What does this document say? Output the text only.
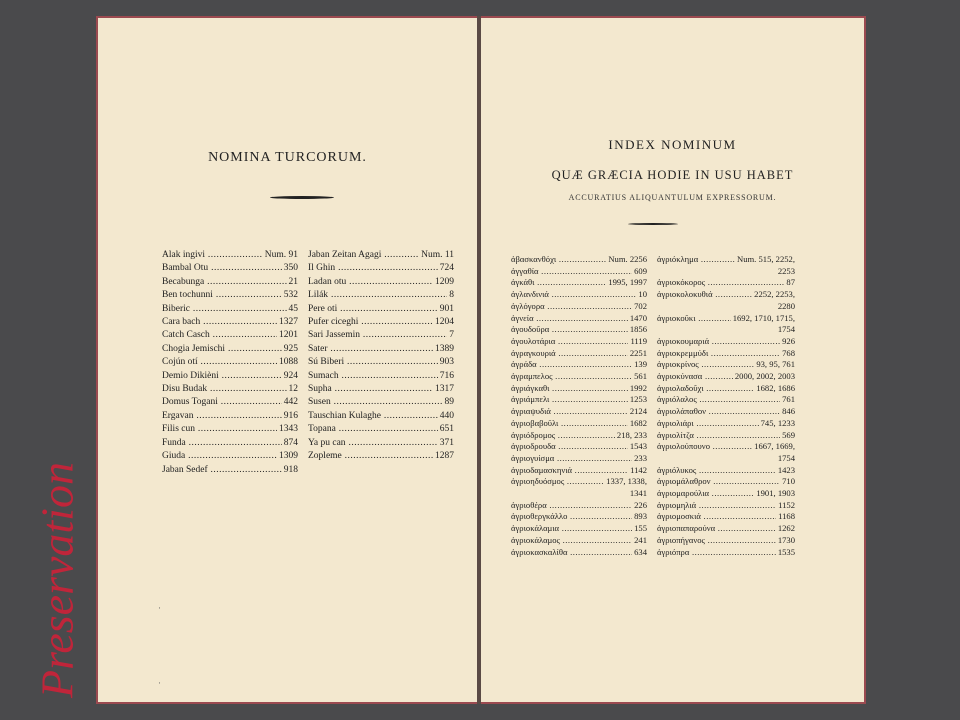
NOMINA TURCORUM.
Alak ingivi .....	Num. 91
Bambal Otu .....	350
Becabunga .....	21
Ben tochunni .....	532
Biberic .....	45
Cara bach .....	1327
Catch Casch .....	1201
Chogia Jemischi .....	925
Cojún otí .....	1088
Demio Dikièni .....	924
Disu Budak .....	12
Domus Togani .....	442
Ergavan .....	916
Filis cun .....	1343
Funda .....	874
Giuda .....	1309
Jaban Sedef .....	918
Jaban Zeitan Agagi .....	Num. 11
Il Ghin .....	724
Ladan otu .....	1209
Lilák .....	8
Pere oti .....	901
Pufer ciceghi .....	1204
Sari Jassemin .....	7
Sater .....	1389
Sú Biberi .....	903
Sumach .....	716
Supha .....	1317
Susen .....	89
Tauschian Kulaghe .....	440
Topana .....	651
Ya pu can .....	371
Zopleme .....	1287
·
·
INDEX NOMINUM
QUÆ GRÆCIA HODIE IN USU HABET
ACCURATIUS ALIQUANTULUM EXPRESSORUM.
ἀβασκανθόχι .....	Num. 2256
ἀγγαθία .....	609
ἀγκάθι .....	1995, 1997
ἀγλανδινιά .....	10
ἀγλόγορα .....	702
ἀγνεία .....	1470
ἀγουδοῦρα .....	1856
ἀγουλοτάρια .....	1119
ἀγραγκουριά .....	2251
ἀγράδα .....	139
ἀγραμπελος .....	561
ἀγριάγκαθι .....	1992
ἀγριάμπελι .....	1253
ἀγριαψυδιά .....	2124
ἀγριοβαβοῦλι .....	1682
ἀγριόδρομος .....	218, 233
ἀγριοδρουδα .....	1543
ἀγριογυίσμα .....	233
ἀγριοδαμασκηνιά .....	1142
ἀγριοηδυόσμος .....	1337, 1338,
1341
ἀγριοθέρα .....	226
ἀγριοθεργκάλλο .....	893
ἀγριοκάλαμια .....	155
ἀγριοκάλαμος .....	241
ἀγριοκασκαλίθα .....	634
ἀγριόκλημα .....	Num. 515, 2252,
2253
ἀγριοκόκορος .....	87
ἀγριοκολοκυθιά .....	2252, 2253,
2280
ἀγριοκοῦκι .....	1692, 1710, 1715,
1754
ἀγριοκουμαριά .....	926
ἀγριοκρεμμύδι .....	768
ἀγριοκρίνος .....	93, 95, 761
ἀγριοκύνασα .....	2000, 2002, 2003
ἀγριολαδοῦχι .....	1682, 1686
ἀγριόλαλος .....	761
ἀγριολάπαθον .....	846
ἀγριολιάρι .....	745, 1233
ἀγριολίτζα .....	569
ἀγριολούπουνο .....	1667, 1669,
1754
ἀγριόλυκος .....	1423
ἀγριομάλαθρον .....	710
ἀγριομαρούλια .....	1901, 1903
ἀγριομηλιά .....	1152
ἀγριομοσκιά .....	1168
ἀγριοπαπαρούνα .....	1262
ἀγριοπήγανος .....	1730
ἀγριόπρα .....	1535
Preservation
